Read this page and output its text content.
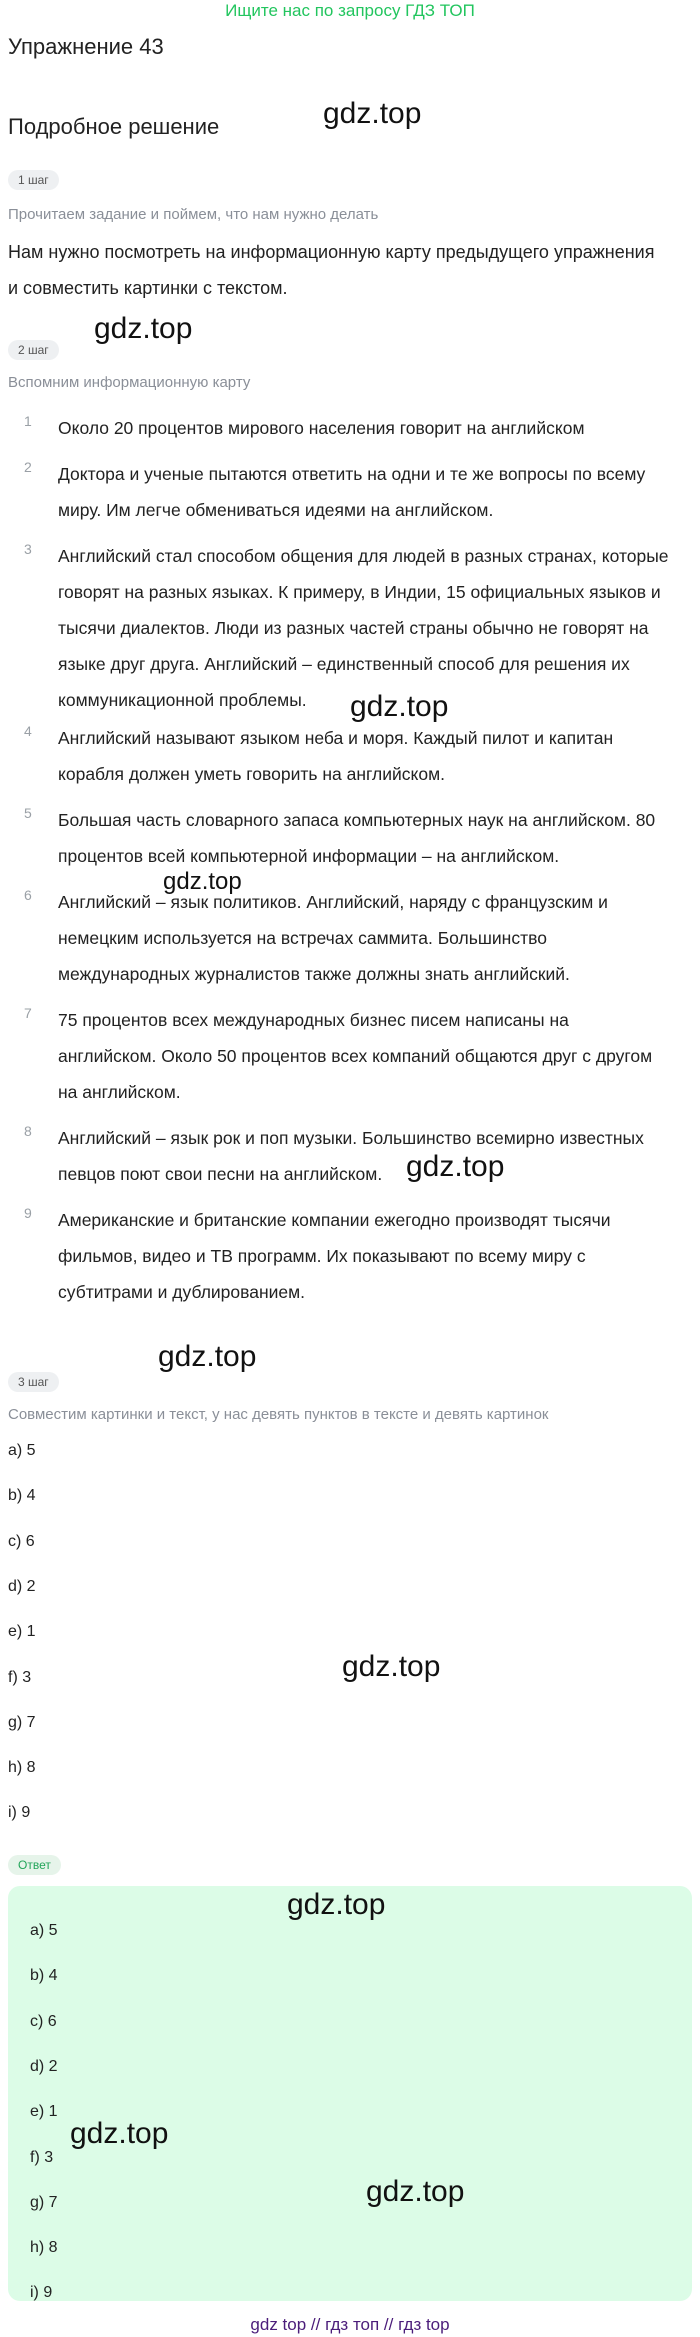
Ищите нас по запросу ГДЗ ТОП
Упражнение 43
Подробное решение	gdz.top
1 шаг
Прочитаем задание и поймем, что нам нужно делать
Нам нужно посмотреть на информационную карту предыдущего упражнения
и совместить картинки с текстом.
2 шаг
gdz.top
Вспомним информационную карту
1	Около 20 процентов мирового населения говорит на английском
2	Доктора и ученые пытаются ответить на одни и те же вопросы по всему
миру. Им легче обмениваться идеями на английском.
3	Английский стал способом общения для людей в разных странах, которые
говорят на разных языках. К примеру, в Индии, 15 официальных языков и
тысячи диалектов. Люди из разных частей страны обычно не говорят на
языке друг друга. Английский – единственный способ для решения их
коммуникационной проблемы.
4	Английский называют языком неба и моря. Каждый пилот и капитан
корабля должен уметь говорить на английском.
5	Большая часть словарного запаса компьютерных наук на английском. 80
процентов всей компьютерной информации – на английском.
6	Английский – язык политиков. Английский, наряду с французским и
немецким используется на встречах саммита. Большинство
международных журналистов также должны знать английский.
7	75 процентов всех международных бизнес писем написаны на
английском. Около 50 процентов всех компаний общаются друг с другом
на английском.
8	Английский – язык рок и поп музыки. Большинство всемирно известных
певцов поют свои песни на английском.
9	Американские и британские компании ежегодно производят тысячи
фильмов, видео и ТВ программ. Их показывают по всему миру с
субтитрами и дублированием.
gdz.top
gdz.top
gdz.top
gdz.top
3 шаг
Совместим картинки и текст, у нас девять пунктов в тексте и девять картинок
a) 5
b) 4
c) 6
d) 2
e) 1
f) 3
g) 7
h) 8
i) 9
gdz.top
Ответ
a) 5
b) 4
c) 6
d) 2
e) 1
f) 3
g) 7
h) 8
i) 9
gdz.top
gdz.top
gdz.top
gdz top // гдз топ // гдз top
